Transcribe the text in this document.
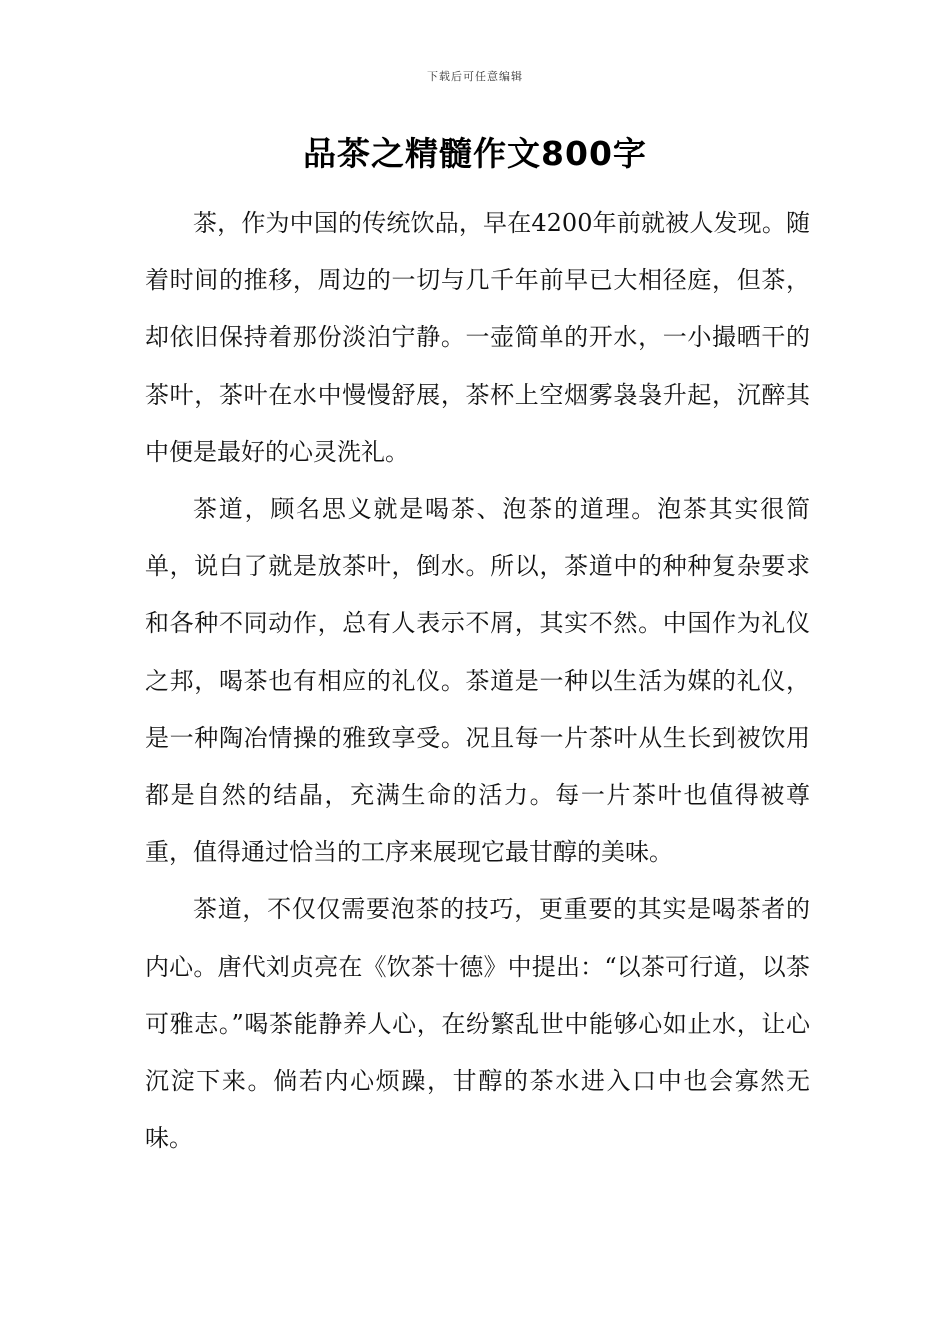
下载后可任意编辑
品茶之精髓作文800字

茶，作为中国的传统饮品，早在4200年前就被人发现。随着时间的推移，周边的一切与几千年前早已大相径庭，但茶，却依旧保持着那份淡泊宁静。一壶简单的开水，一小撮晒干的茶叶，茶叶在水中慢慢舒展，茶杯上空烟雾袅袅升起，沉醉其中便是最好的心灵洗礼。

茶道，顾名思义就是喝茶、泡茶的道理。泡茶其实很简单，说白了就是放茶叶，倒水。所以，茶道中的种种复杂要求和各种不同动作，总有人表示不屑，其实不然。中国作为礼仪之邦，喝茶也有相应的礼仪。茶道是一种以生活为媒的礼仪，是一种陶冶情操的雅致享受。况且每一片茶叶从生长到被饮用都是自然的结晶，充满生命的活力。每一片茶叶也值得被尊重，值得通过恰当的工序来展现它最甘醇的美味。

茶道，不仅仅需要泡茶的技巧，更重要的其实是喝茶者的内心。唐代刘贞亮在《饮茶十德》中提出：“以茶可行道，以茶可雅志。”喝茶能静养人心，在纷繁乱世中能够心如止水，让心沉淀下来。倘若内心烦躁，甘醇的茶水进入口中也会寡然无味。
